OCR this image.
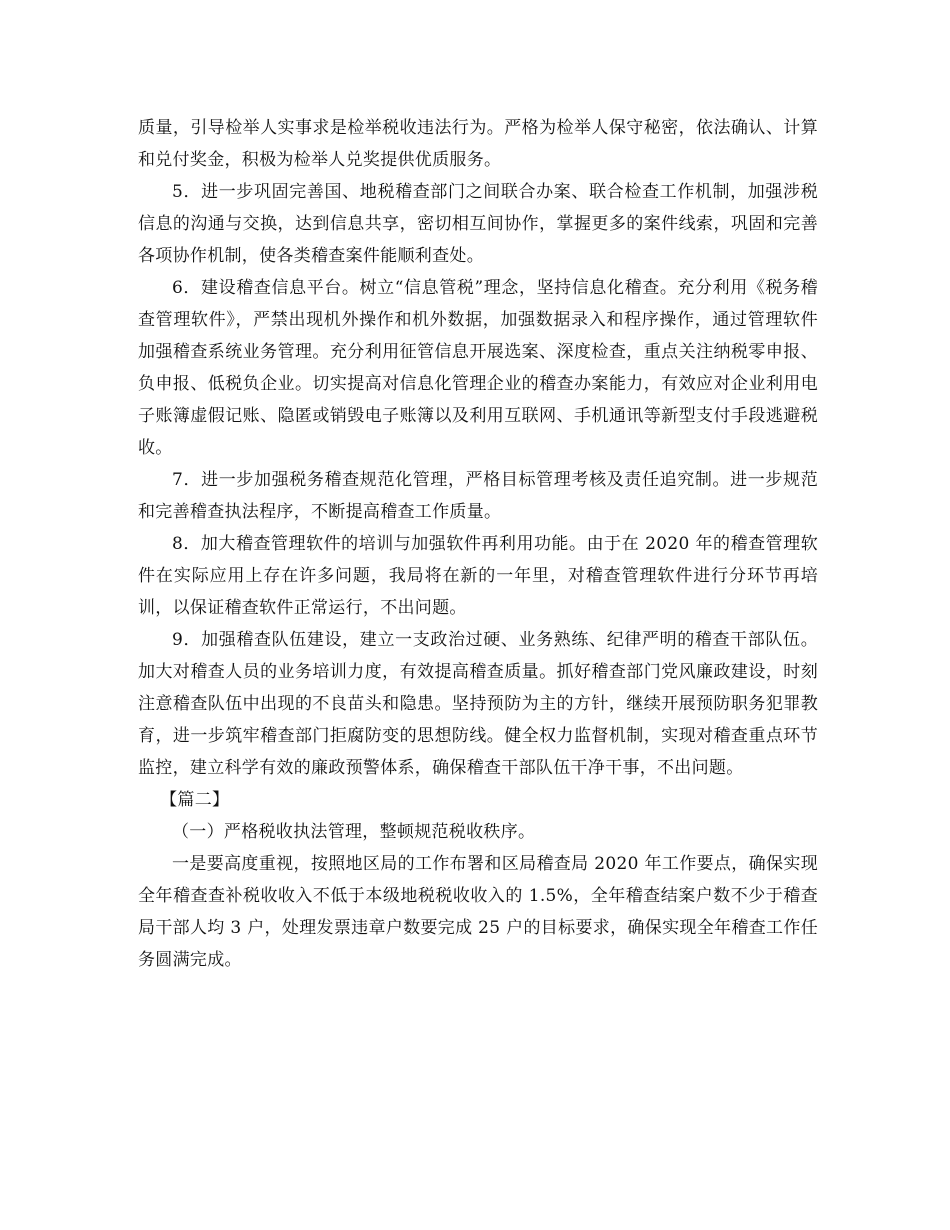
质量，引导检举人实事求是检举税收违法行为。严格为检举人保守秘密，依法确认、计算和兑付奖金，积极为检举人兑奖提供优质服务。

5．进一步巩固完善国、地税稽查部门之间联合办案、联合检查工作机制，加强涉税信息的沟通与交换，达到信息共享，密切相互间协作，掌握更多的案件线索，巩固和完善各项协作机制，使各类稽查案件能顺利查处。

6．建设稽查信息平台。树立“信息管税”理念，坚持信息化稽查。充分利用《税务稽查管理软件》，严禁出现机外操作和机外数据，加强数据录入和程序操作，通过管理软件加强稽查系统业务管理。充分利用征管信息开展选案、深度检查，重点关注纳税零申报、负申报、低税负企业。切实提高对信息化管理企业的稽查办案能力，有效应对企业利用电子账簿虚假记账、隐匿或销毁电子账簿以及利用互联网、手机通讯等新型支付手段逃避税收。

7．进一步加强税务稽查规范化管理，严格目标管理考核及责任追究制。进一步规范和完善稽查执法程序，不断提高稽查工作质量。

8．加大稽查管理软件的培训与加强软件再利用功能。由于在 2020 年的稽查管理软件在实际应用上存在许多问题，我局将在新的一年里，对稽查管理软件进行分环节再培训，以保证稽查软件正常运行，不出问题。

9．加强稽查队伍建设，建立一支政治过硬、业务熟练、纪律严明的稽查干部队伍。加大对稽查人员的业务培训力度，有效提高稽查质量。抓好稽查部门党风廉政建设，时刻注意稽查队伍中出现的不良苗头和隐患。坚持预防为主的方针，继续开展预防职务犯罪教育，进一步筑牢稽查部门拒腐防变的思想防线。健全权力监督机制，实现对稽查重点环节监控，建立科学有效的廉政预警体系，确保稽查干部队伍干净干事，不出问题。

【篇二】

（一）严格税收执法管理，整顿规范税收秩序。

一是要高度重视，按照地区局的工作布署和区局稽查局 2020 年工作要点，确保实现全年稽查查补税收收入不低于本级地税税收收入的 1.5%，全年稽查结案户数不少于稽查局干部人均 3 户，处理发票违章户数要完成 25 户的目标要求，确保实现全年稽查工作任务圆满完成。
